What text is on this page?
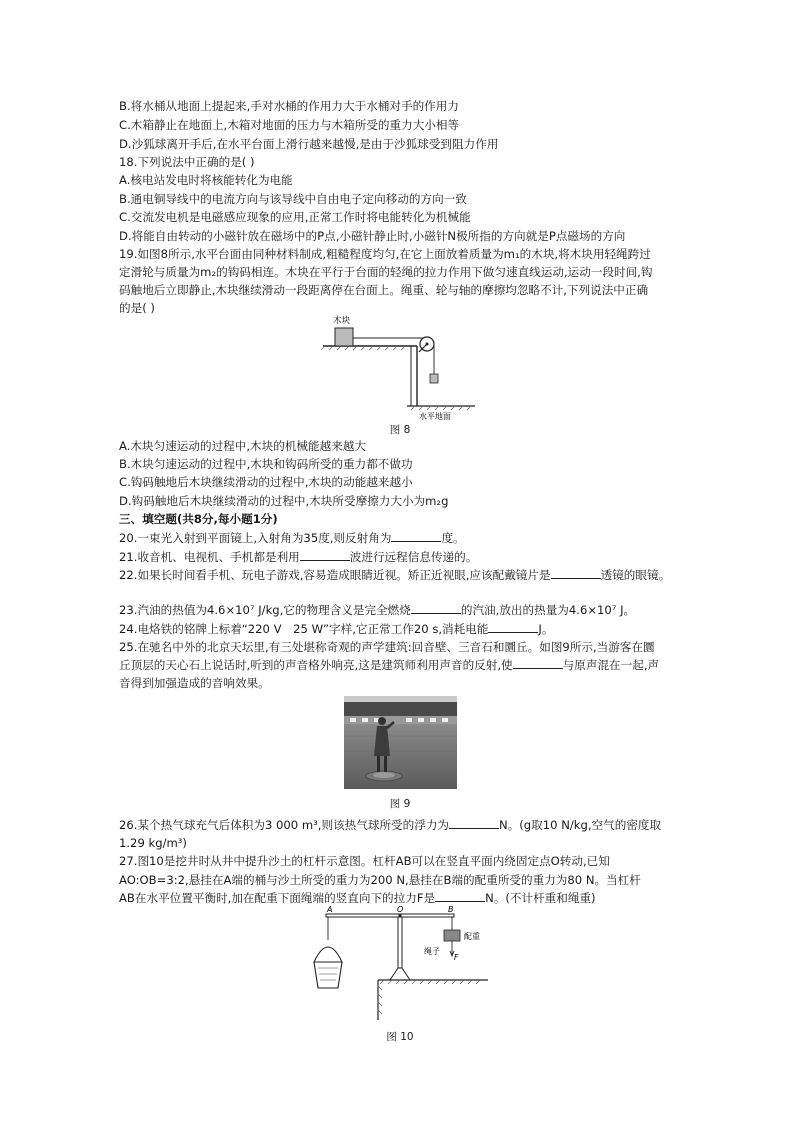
B.将水桶从地面上提起来,手对水桶的作用力大于水桶对手的作用力
C.木箱静止在地面上,木箱对地面的压力与木箱所受的重力大小相等
D.沙狐球离开手后,在水平台面上滑行越来越慢,是由于沙狐球受到阻力作用
18.下列说法中正确的是( )
A.核电站发电时将核能转化为电能
B.通电铜导线中的电流方向与该导线中自由电子定向移动的方向一致
C.交流发电机是电磁感应现象的应用,正常工作时将电能转化为机械能
D.将能自由转动的小磁针放在磁场中的P点,小磁针静止时,小磁针N极所指的方向就是P点磁场的方向
19.如图8所示,水平台面由同种材料制成,粗糙程度均匀,在它上面放着质量为m₁的木块,将木块用轻绳跨过
定滑轮与质量为m₂的钩码相连。木块在平行于台面的轻绳的拉力作用下做匀速直线运动,运动一段时间,钩
码触地后立即静止,木块继续滑动一段距离停在台面上。绳重、轮与轴的摩擦均忽略不计,下列说法中正确
的是( )
木块
水平地面
图 8
A.木块匀速运动的过程中,木块的机械能越来越大
B.木块匀速运动的过程中,木块和钩码所受的重力都不做功
C.钩码触地后木块继续滑动的过程中,木块的动能越来越小
D.钩码触地后木块继续滑动的过程中,木块所受摩擦力大小为m₂g
三、填空题(共8分,每小题1分)
20.一束光入射到平面镜上,入射角为35度,则反射角为	度。
21.收音机、电视机、手机都是利用	波进行远程信息传递的。
22.如果长时间看手机、玩电子游戏,容易造成眼睛近视。矫正近视眼,应该配戴镜片是	透镜的眼镜。
23.汽油的热值为4.6×10⁷ J/kg,它的物理含义是完全燃烧	的汽油,放出的热量为4.6×10⁷ J。
24.电烙铁的铭牌上标着“220 V　25 W”字样,它正常工作20 s,消耗电能	J。
25.在驰名中外的北京天坛里,有三处堪称奇观的声学建筑:回音壁、三音石和圜丘。如图9所示,当游客在圜
丘顶层的天心石上说话时,听到的声音格外响亮,这是建筑师利用声音的反射,使	与原声混在一起,声
音得到加强造成的音响效果。
图 9
26.某个热气球充气后体积为3 000 m³,则该热气球所受的浮力为	N。(g取10 N/kg,空气的密度取
1.29 kg/m³)
27.图10是挖井时从井中提升沙土的杠杆示意图。杠杆AB可以在竖直平面内绕固定点O转动,已知
AO:OB=3:2,悬挂在A端的桶与沙土所受的重力为200 N,悬挂在B端的配重所受的重力为80 N。当杠杆
AB在水平位置平衡时,加在配重下面绳端的竖直向下的拉力F是	N。(不计杆重和绳重)
A	O	B
配重
绳子
F
图 10
